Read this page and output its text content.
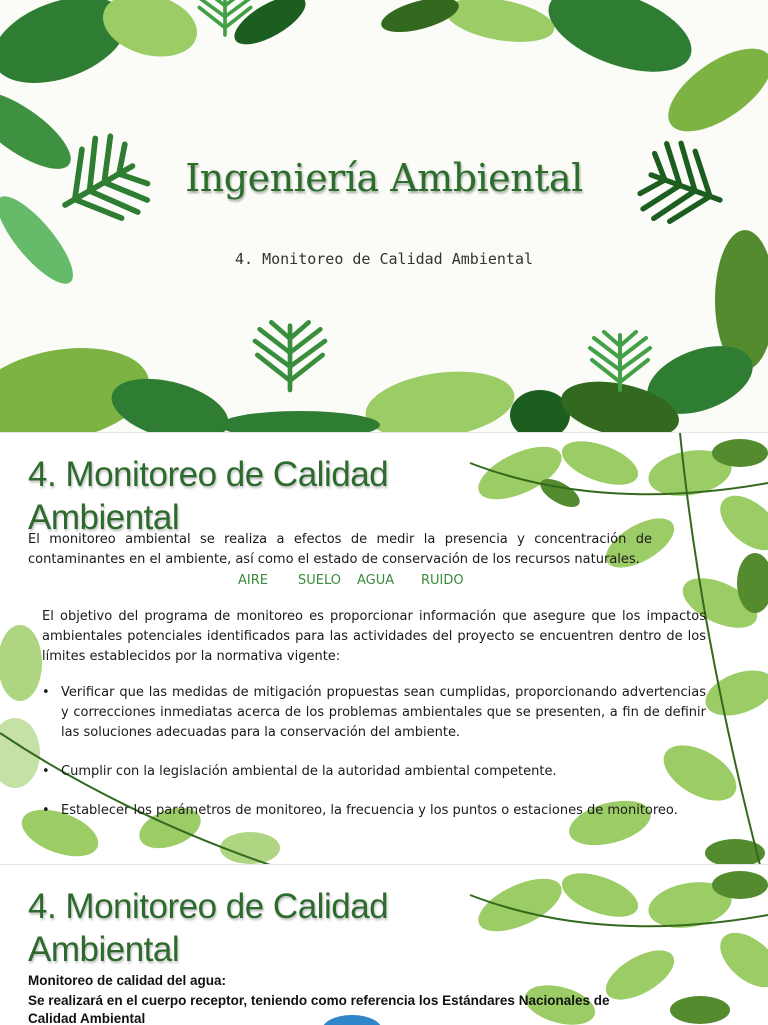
Ingeniería Ambiental
4. Monitoreo de Calidad Ambiental
4. Monitoreo de Calidad Ambiental
El monitoreo ambiental se realiza a efectos de medir la presencia y concentración de contaminantes en el ambiente, así como el estado de conservación de los recursos naturales.
AIRE SUELO AGUA RUIDO
El objetivo del programa de monitoreo es proporcionar información que asegure que los impactos ambientales potenciales identificados para las actividades del proyecto se encuentren dentro de los límites establecidos por la normativa vigente:
• Verificar que las medidas de mitigación propuestas sean cumplidas, proporcionando advertencias y correcciones inmediatas acerca de los problemas ambientales que se presenten, a fin de definir las soluciones adecuadas para la conservación del ambiente.
• Cumplir con la legislación ambiental de la autoridad ambiental competente.
• Establecer los parámetros de monitoreo, la frecuencia y los puntos o estaciones de monitoreo.
4. Monitoreo de Calidad Ambiental
Monitoreo de calidad del agua:
Se realizará en el cuerpo receptor, teniendo como referencia los Estándares Nacionales de Calidad Ambiental
